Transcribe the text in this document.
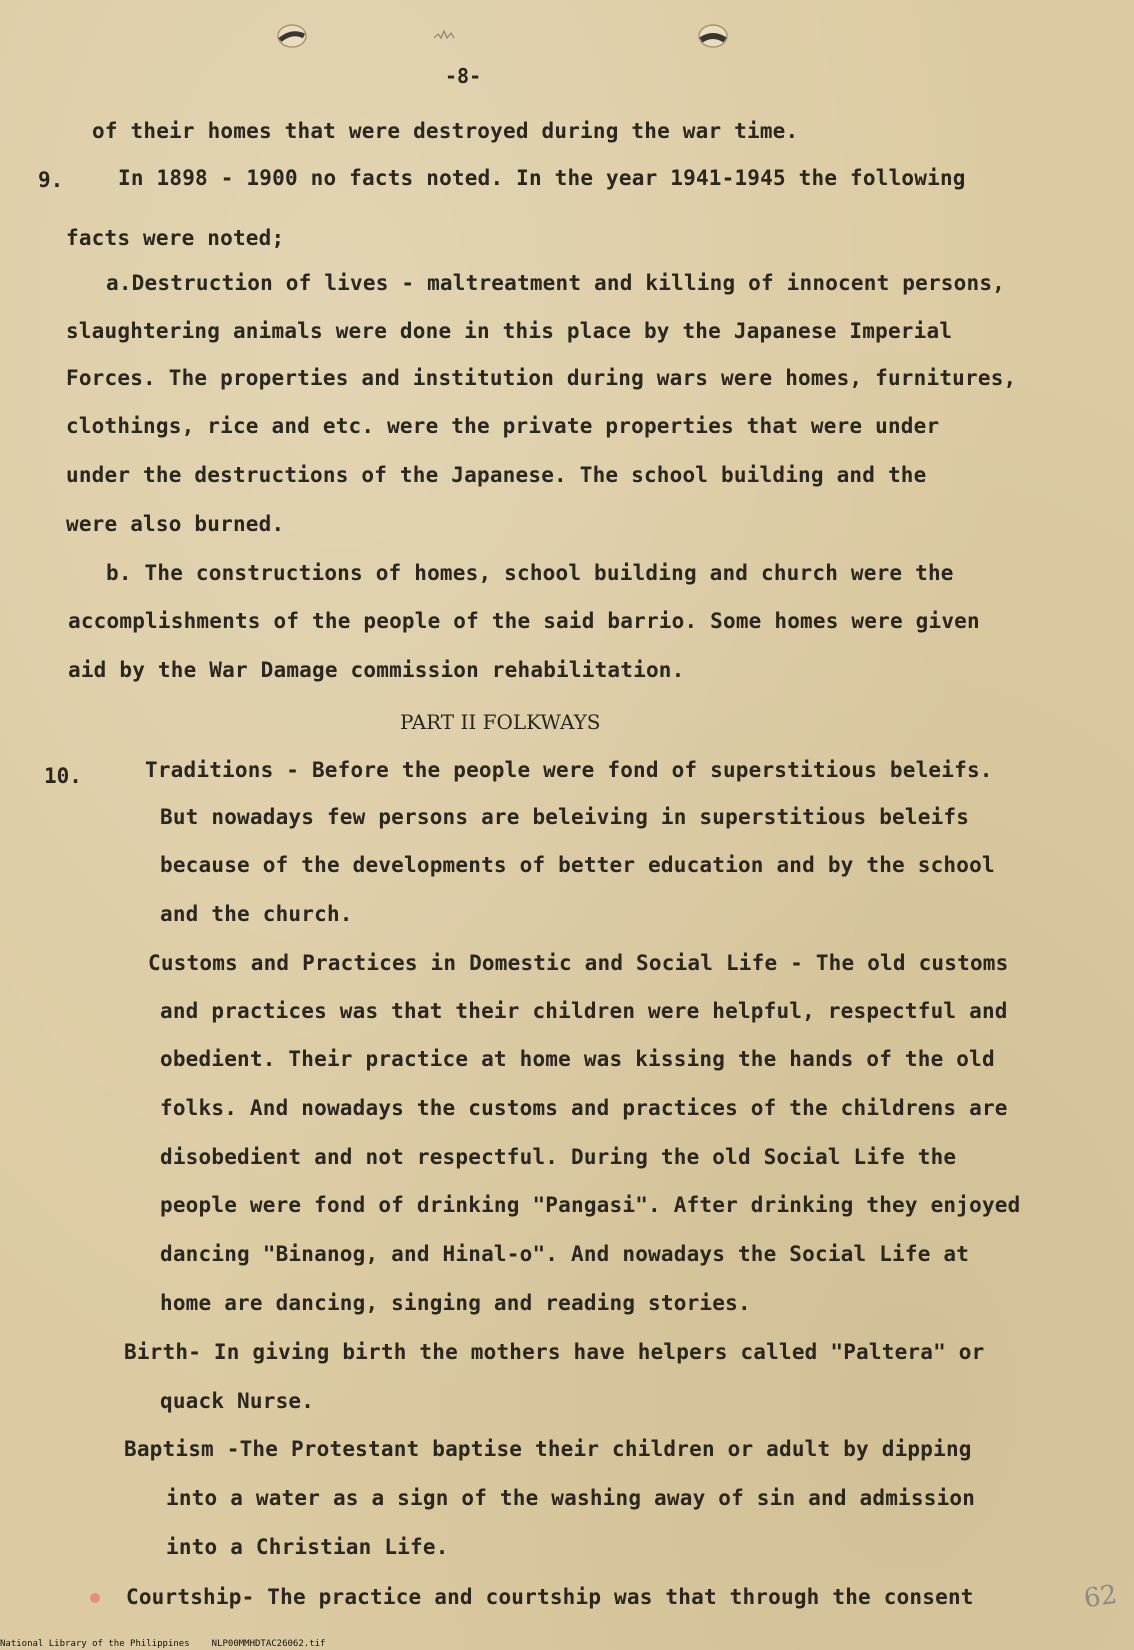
-8-
9.
10.
of their homes that were destroyed during the war time.
In 1898 - 1900 no facts noted. In the year 1941-1945 the following
facts were noted;
a.Destruction of lives - maltreatment and killing of innocent persons,
slaughtering animals were done in this place by the Japanese Imperial
Forces. The properties and institution during wars were homes, furnitures,
clothings, rice and etc. were the private properties that were under
under the destructions of the Japanese. The school building and the
were also burned.
b. The constructions of homes, school building and church were the
accomplishments of the people of the said barrio. Some homes were given
aid by the War Damage commission rehabilitation.
PART II FOLKWAYS
Traditions - Before the people were fond of superstitious beleifs.
But nowadays few persons are beleiving in superstitious beleifs
because of the developments of better education and by the school
and the church.
Customs and Practices in Domestic and Social Life - The old customs
and practices was that their children were helpful, respectful and
obedient. Their practice at home was kissing the hands of the old
folks. And nowadays the customs and practices of the childrens are
disobedient and not respectful. During the old Social Life the
people were fond of drinking "Pangasi". After drinking they enjoyed
dancing "Binanog, and Hinal-o". And nowadays the Social Life at
home are dancing, singing and reading stories.
Birth- In giving birth the mothers have helpers called "Paltera" or
quack Nurse.
Baptism -The Protestant baptise their children or adult by dipping
into a water as a sign of the washing away of sin and admission
into a Christian Life.
Courtship- The practice and courtship was that through the consent	62
National Library of the Philippines NLP00MMHDTAC26062.tif
